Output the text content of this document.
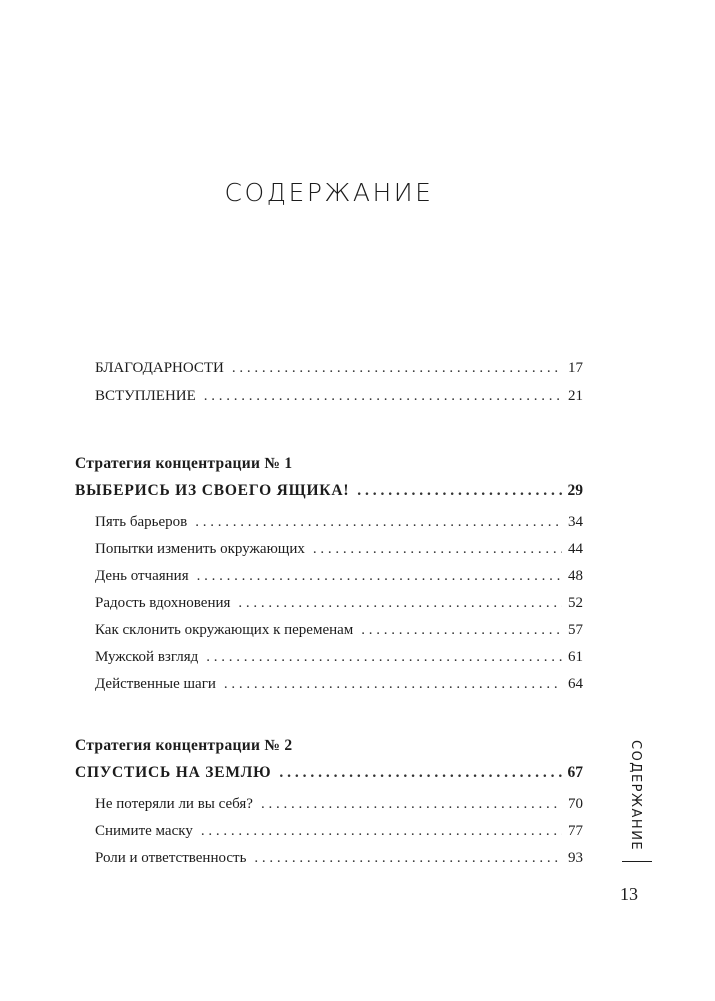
СОДЕРЖАНИЕ
БЛАГОДАРНОСТИ . . .	17
ВСТУПЛЕНИЕ . . .	21
Стратегия концентрации № 1
ВЫБЕРИСЬ ИЗ СВОЕГО ЯЩИКА! . . .	29
Пять барьеров . . .	34
Попытки изменить окружающих . . .	44
День отчаяния . . .	48
Радость вдохновения . . .	52
Как склонить окружающих к переменам . . .	57
Мужской взгляд . . .	61
Действенные шаги . . .	64
Стратегия концентрации № 2
СПУСТИСЬ НА ЗЕМЛЮ . . .	67
Не потеряли ли вы себя? . . .	70
Снимите маску . . .	77
Роли и ответственность . . .	93
СОДЕРЖАНИЕ
13
